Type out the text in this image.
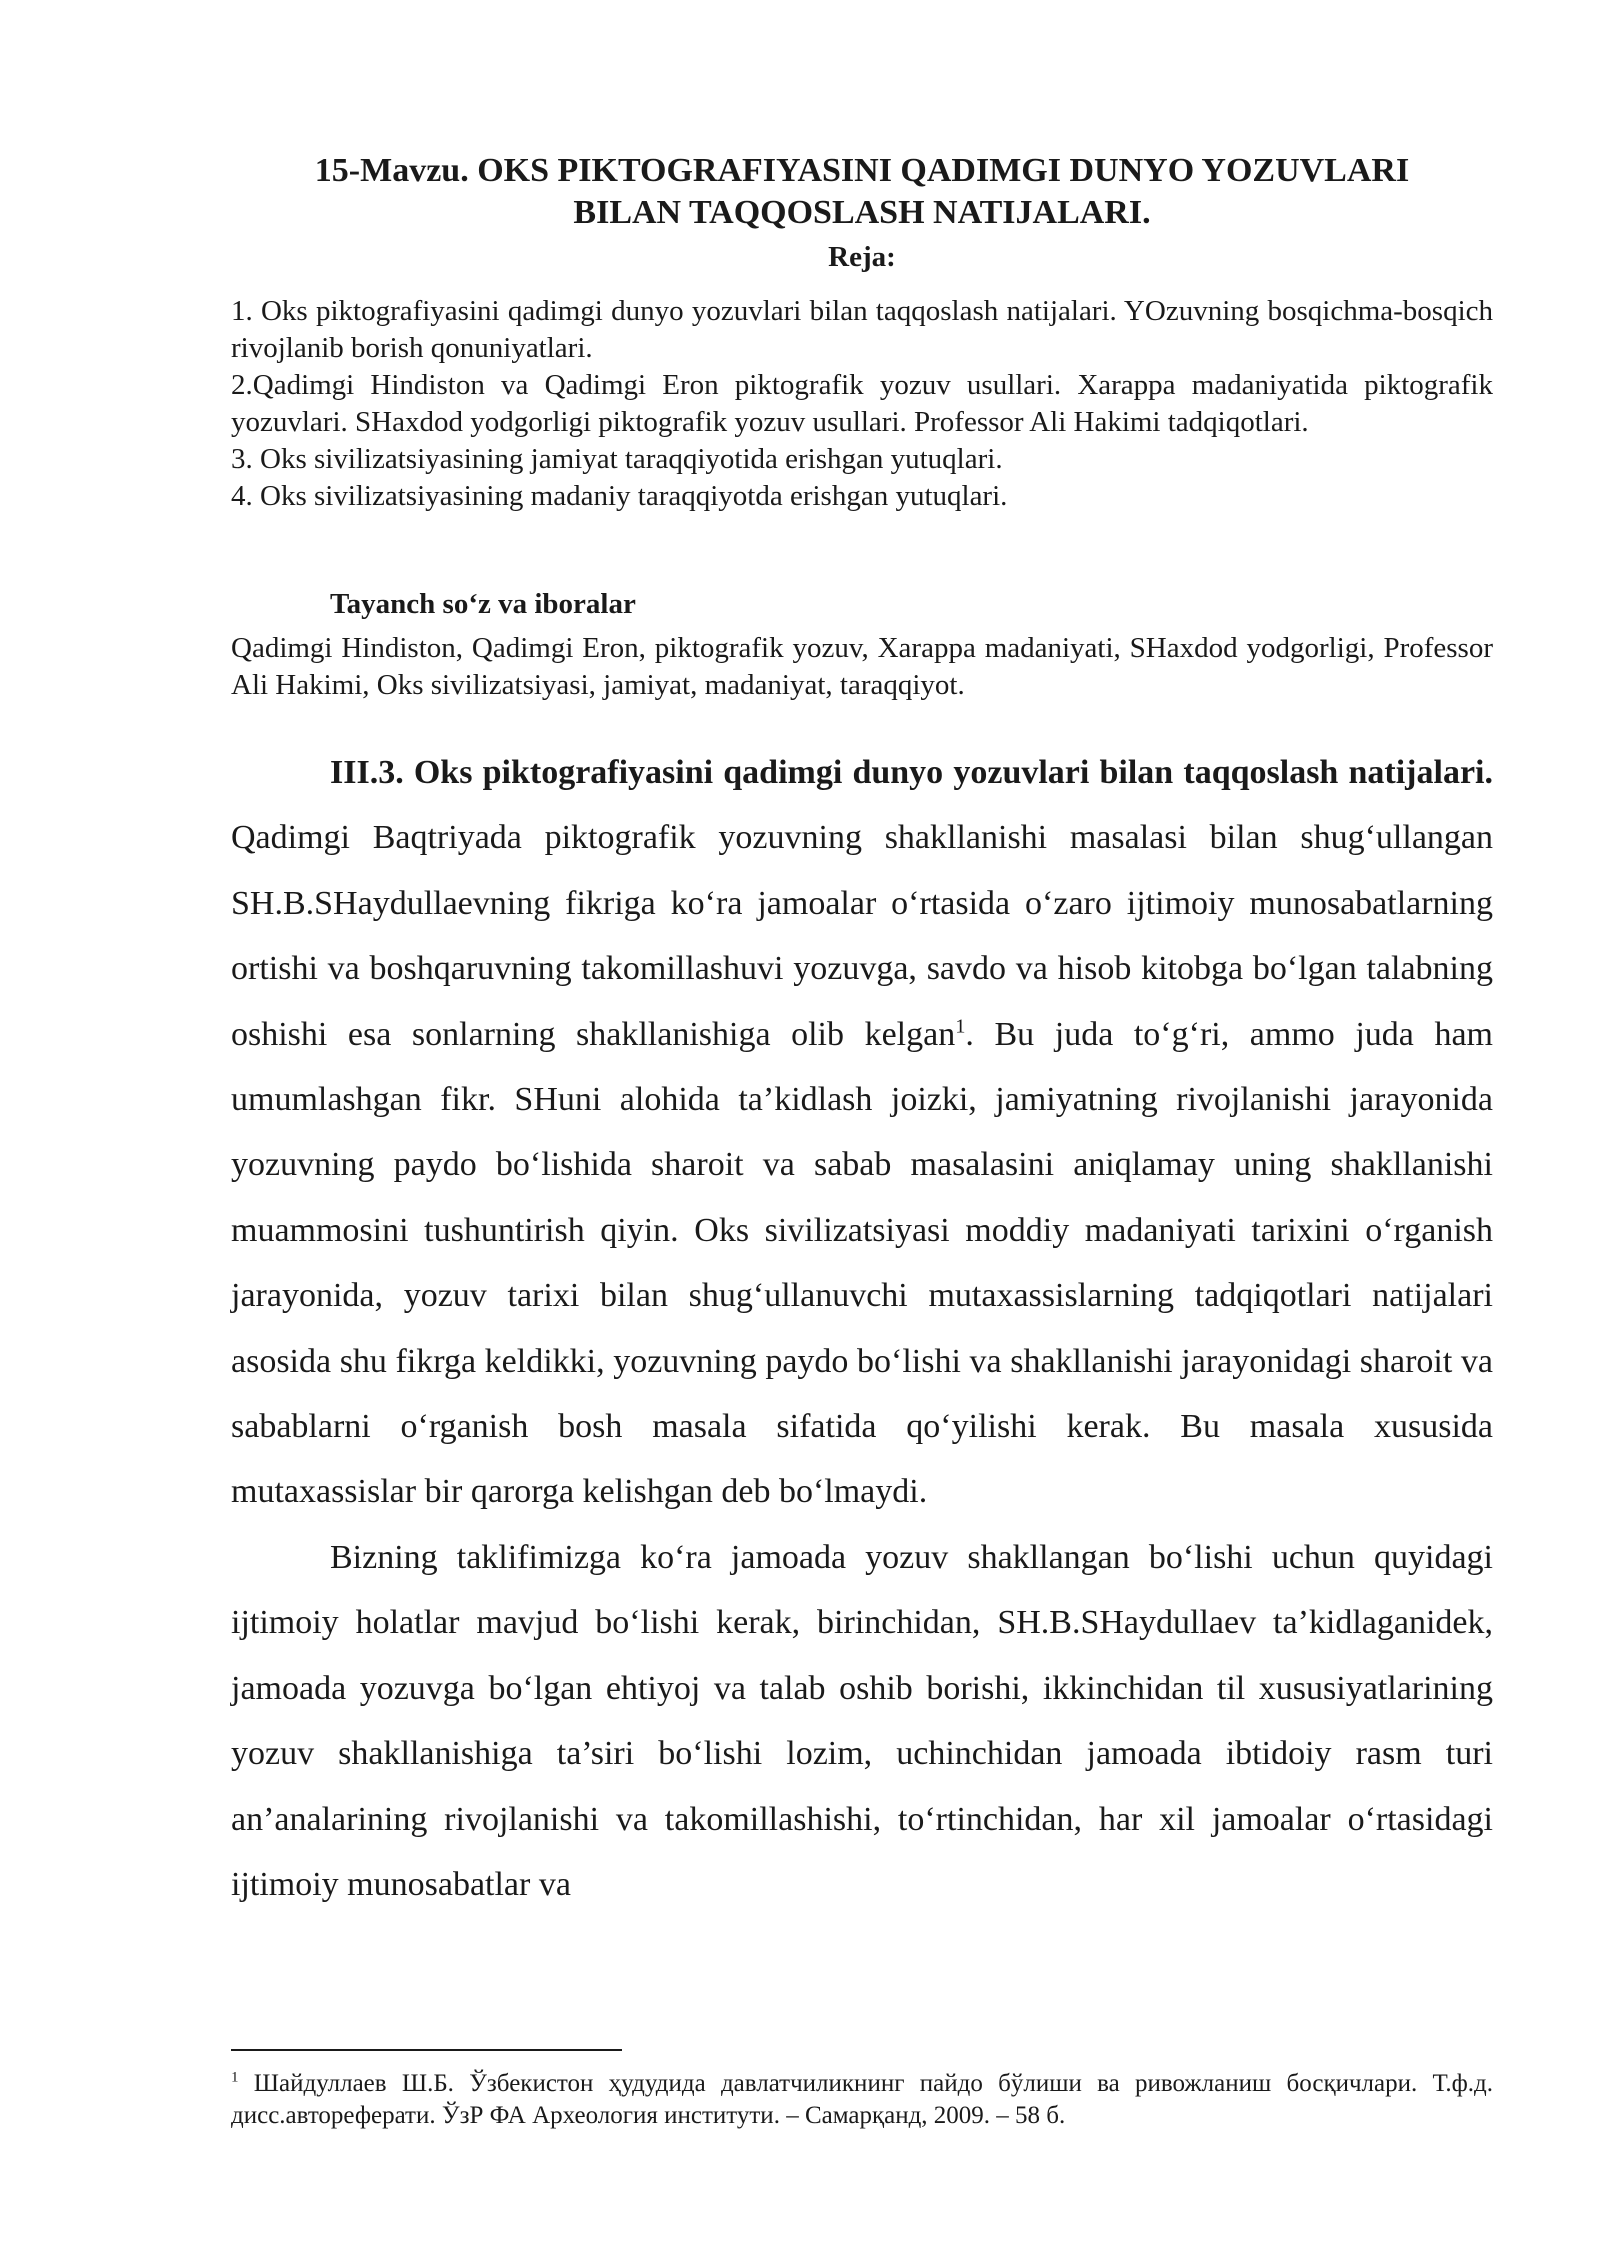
15-Mavzu. OKS PIKTOGRAFIYASINI QADIMGI DUNYO YOZUVLARI
BILAN TAQQOSLASH NATIJALARI.
Reja:

1. Oks piktografiyasini qadimgi dunyo yozuvlari bilan taqqoslash natijalari. YOzuvning bosqichma-bosqich rivojlanib borish qonuniyatlari.

2.Qadimgi Hindiston va Qadimgi Eron piktografik yozuv usullari. Xarappa madaniyatida piktografik yozuvlari. SHaxdod yodgorligi piktografik yozuv usullari. Professor Ali Hakimi tadqiqotlari.

3. Oks sivilizatsiyasining jamiyat taraqqiyotida erishgan yutuqlari.

4. Oks sivilizatsiyasining madaniy taraqqiyotda erishgan yutuqlari.

Tayanch so‘z va iboralar

Qadimgi Hindiston, Qadimgi Eron, piktografik yozuv, Xarappa madaniyati, SHaxdod yodgorligi, Professor Ali Hakimi, Oks sivilizatsiyasi, jamiyat, madaniyat, taraqqiyot.

III.3. Oks piktografiyasini qadimgi dunyo yozuvlari bilan taqqoslash natijalari. Qadimgi Baqtriyada piktografik yozuvning shakllanishi masalasi bilan shug‘ullangan SH.B.SHaydullaevning fikriga ko‘ra jamoalar o‘rtasida o‘zaro ijtimoiy munosabatlarning ortishi va boshqaruvning takomillashuvi yozuvga, savdo va hisob kitobga bo‘lgan talabning oshishi esa sonlarning shakllanishiga olib kelgan$^1$. Bu juda to‘g‘ri, ammo juda ham umumlashgan fikr. SHuni alohida ta’kidlash joizki, jamiyatning rivojlanishi jarayonida yozuvning paydo bo‘lishida sharoit va sabab masalasini aniqlamay uning shakllanishi muammosini tushuntirish qiyin. Oks sivilizatsiyasi moddiy madaniyati tarixini o‘rganish jarayonida, yozuv tarixi bilan shug‘ullanuvchi mutaxassislarning tadqiqotlari natijalari asosida shu fikrga keldikki, yozuvning paydo bo‘lishi va shakllanishi jarayonidagi sharoit va sabablarni o‘rganish bosh masala sifatida qo‘yilishi kerak. Bu masala xususida mutaxassislar bir qarorga kelishgan deb bo‘lmaydi.

Bizning taklifimizga ko‘ra jamoada yozuv shakllangan bo‘lishi uchun quyidagi ijtimoiy holatlar mavjud bo‘lishi kerak, birinchidan, SH.B.SHaydullaev ta’kidlaganidek, jamoada yozuvga bo‘lgan ehtiyoj va talab oshib borishi, ikkinchidan til xususiyatlarining yozuv shakllanishiga ta’siri bo‘lishi lozim, uchinchidan jamoada ibtidoiy rasm turi an’analarining rivojlanishi va takomillashishi, to‘rtinchidan, har xil jamoalar o‘rtasidagi ijtimoiy munosabatlar va

$^1$ Шайдуллаев Ш.Б. Ўзбекистон ҳудудида давлатчиликнинг пайдо бўлиши ва ривожланиш босқичлари. Т.ф.д. дисс.автореферати. ЎзР ФА Археология институти. – Самарқанд, 2009. – 58 б.
